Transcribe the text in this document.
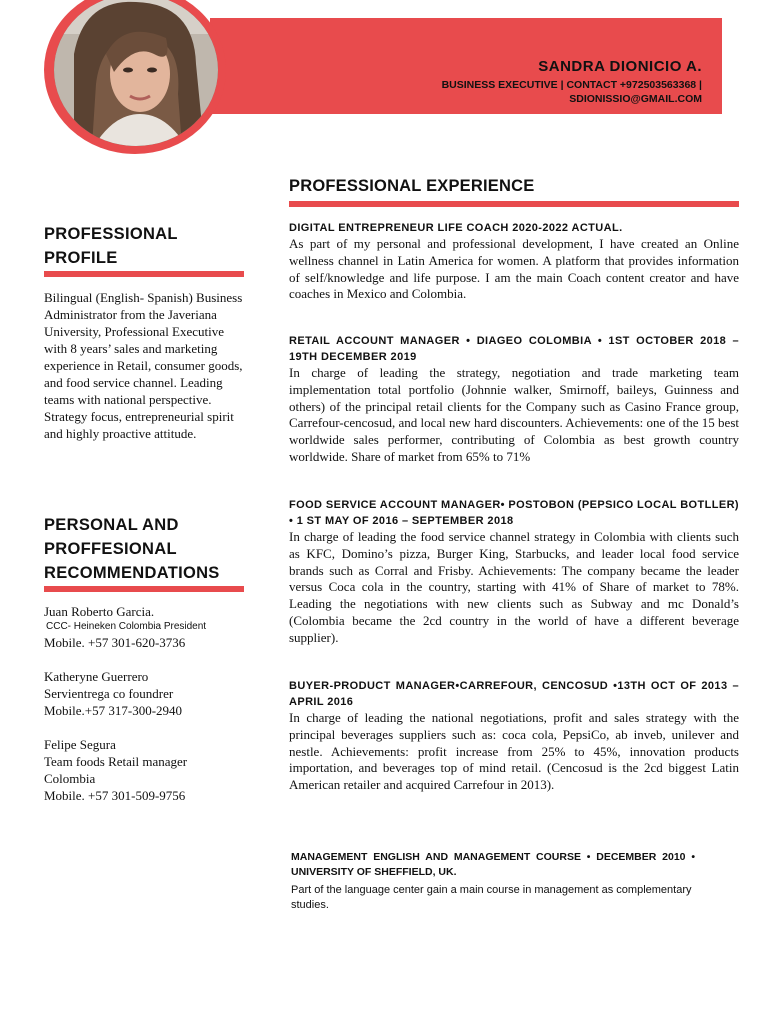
SANDRA DIONICIO A.
BUSINESS EXECUTIVE | CONTACT +972503563368 |
SDIONISSIO@GMAIL.COM
PROFESSIONAL PROFILE
Bilingual (English- Spanish) Business Administrator from the Javeriana University, Professional Executive with 8 years’ sales and marketing experience in Retail, consumer goods, and food service channel. Leading teams with national perspective. Strategy focus, entrepreneurial spirit and highly proactive attitude.
PERSONAL AND PROFFESIONAL RECOMMENDATIONS
Juan Roberto Garcia.
CCC- Heineken Colombia President
Mobile. +57 301-620-3736
Katheryne Guerrero
Servientrega co foundrer
Mobile.+57 317-300-2940
Felipe Segura
Team foods Retail manager Colombia
Mobile. +57 301-509-9756
PROFESSIONAL EXPERIENCE
DIGITAL ENTREPRENEUR LIFE COACH 2020-2022 ACTUAL.
As part of my personal and professional development, I have created an Online wellness channel in Latin America for women. A platform that provides information of self/knowledge and life purpose. I am the main Coach content creator and have coaches in Mexico and Colombia.
RETAIL ACCOUNT MANAGER • DIAGEO COLOMBIA • 1ST OCTOBER 2018 – 19TH DECEMBER 2019
In charge of leading the strategy, negotiation and trade marketing team implementation total portfolio (Johnnie walker, Smirnoff, baileys, Guinness and others) of the principal retail clients for the Company such as Casino France group, Carrefour-cencosud, and local new hard discounters. Achievements: one of the 15 best worldwide sales performer, contributing of Colombia as best growth country worldwide. Share of market from 65% to 71%
FOOD SERVICE ACCOUNT MANAGER• POSTOBON (PEPSICO LOCAL BOTLLER) • 1 ST MAY OF 2016 – SEPTEMBER 2018
In charge of leading the food service channel strategy in Colombia with clients such as KFC, Domino’s pizza, Burger King, Starbucks, and leader local food service brands such as Corral and Frisby. Achievements: The company became the leader versus Coca cola in the country, starting with 41% of Share of market to 78%. Leading the negotiations with new clients such as Subway and mc Donald’s (Colombia became the 2cd country in the world of have a different beverage supplier).
BUYER-PRODUCT MANAGER•CARREFOUR, CENCOSUD •13TH OCT OF 2013 – APRIL 2016
In charge of leading the national negotiations, profit and sales strategy with the principal beverages suppliers such as: coca cola, PepsiCo, ab inveb, unilever and nestle. Achievements: profit increase from 25% to 45%, innovation products importation, and beverages top of mind retail. (Cencosud is the 2cd biggest Latin American retailer and acquired Carrefour in 2013).
MANAGEMENT ENGLISH AND MANAGEMENT COURSE • DECEMBER 2010 • UNIVERSITY OF SHEFFIELD, UK.
Part of the language center gain a main course in management as complementary studies.
